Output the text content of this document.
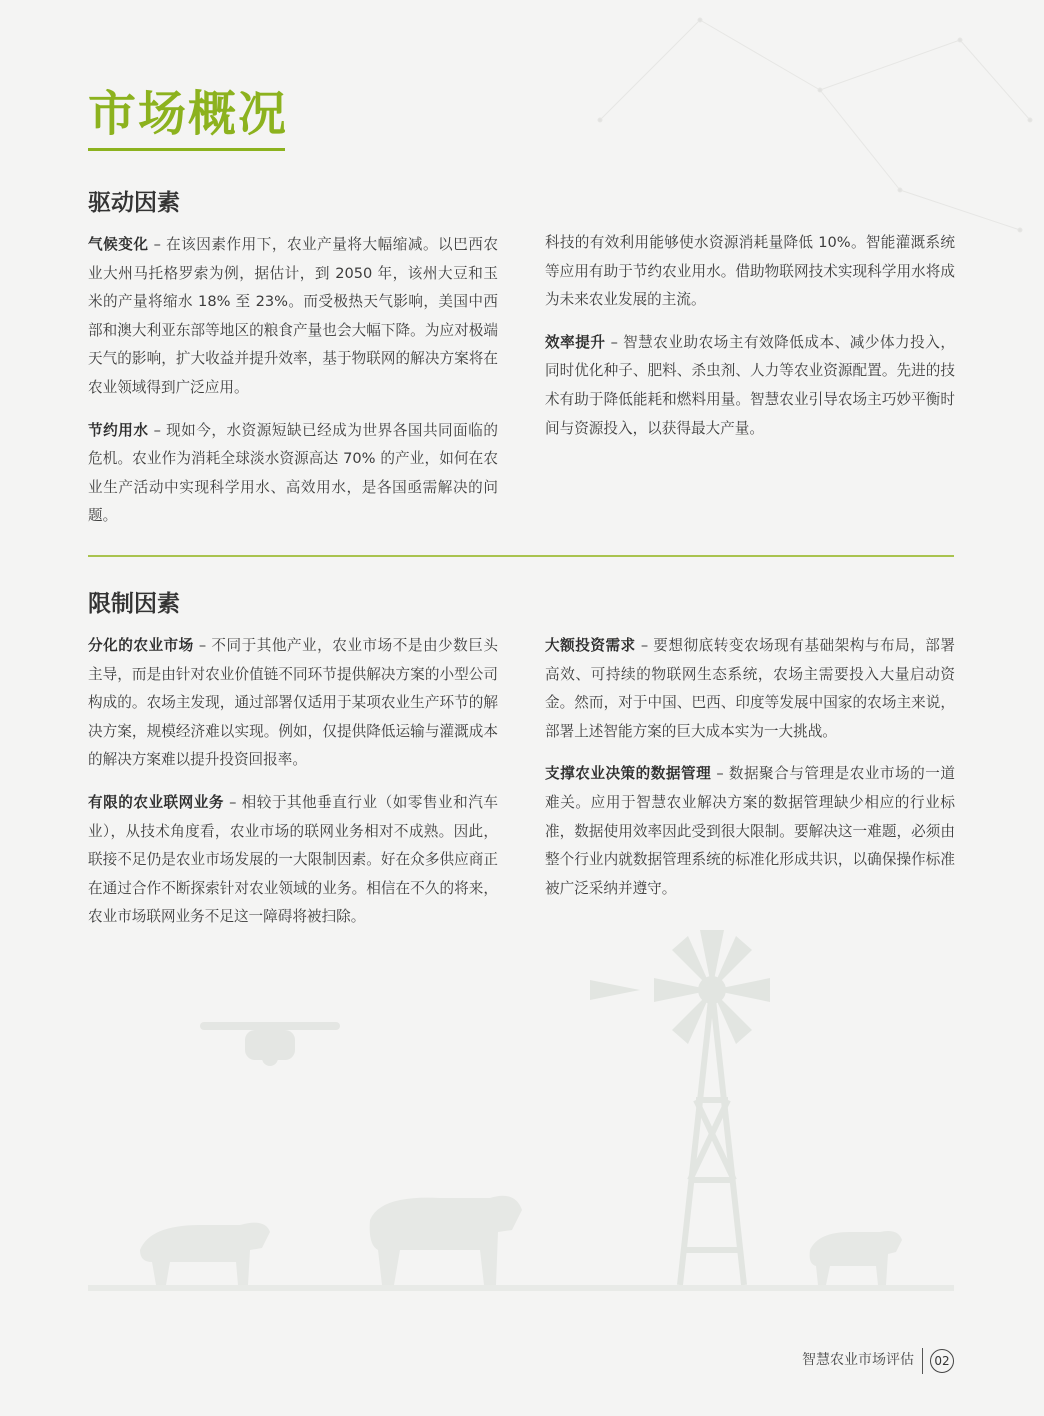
市场概况
驱动因素

气候变化 – 在该因素作用下，农业产量将大幅缩减。以巴西农业大州马托格罗索为例，据估计，到 2050 年，该州大豆和玉米的产量将缩水 18% 至 23%。而受极热天气影响，美国中西部和澳大利亚东部等地区的粮食产量也会大幅下降。为应对极端天气的影响，扩大收益并提升效率，基于物联网的解决方案将在农业领域得到广泛应用。

节约用水 – 现如今，水资源短缺已经成为世界各国共同面临的危机。农业作为消耗全球淡水资源高达 70% 的产业，如何在农业生产活动中实现科学用水、高效用水，是各国亟需解决的问题。

科技的有效利用能够使水资源消耗量降低 10%。智能灌溉系统等应用有助于节约农业用水。借助物联网技术实现科学用水将成为未来农业发展的主流。

效率提升 – 智慧农业助农场主有效降低成本、减少体力投入，同时优化种子、肥料、杀虫剂、人力等农业资源配置。先进的技术有助于降低能耗和燃料用量。智慧农业引导农场主巧妙平衡时间与资源投入，以获得最大产量。

限制因素

分化的农业市场 – 不同于其他产业，农业市场不是由少数巨头主导，而是由针对农业价值链不同环节提供解决方案的小型公司构成的。农场主发现，通过部署仅适用于某项农业生产环节的解决方案，规模经济难以实现。例如，仅提供降低运输与灌溉成本的解决方案难以提升投资回报率。

有限的农业联网业务 – 相较于其他垂直行业（如零售业和汽车业），从技术角度看，农业市场的联网业务相对不成熟。因此，联接不足仍是农业市场发展的一大限制因素。好在众多供应商正在通过合作不断探索针对农业领域的业务。相信在不久的将来，农业市场联网业务不足这一障碍将被扫除。

大额投资需求 – 要想彻底转变农场现有基础架构与布局，部署高效、可持续的物联网生态系统，农场主需要投入大量启动资金。然而，对于中国、巴西、印度等发展中国家的农场主来说，部署上述智能方案的巨大成本实为一大挑战。

支撑农业决策的数据管理 – 数据聚合与管理是农业市场的一道难关。应用于智慧农业解决方案的数据管理缺少相应的行业标准，数据使用效率因此受到很大限制。要解决这一难题，必须由整个行业内就数据管理系统的标准化形成共识，以确保操作标准被广泛采纳并遵守。

智慧农业市场评估	02
